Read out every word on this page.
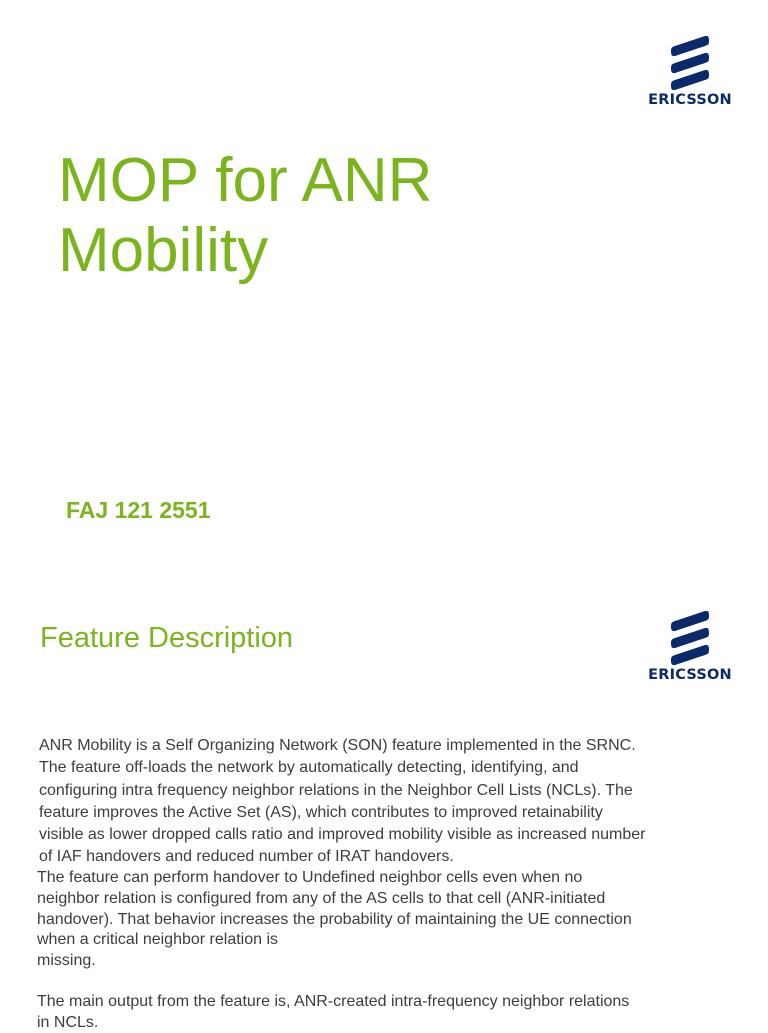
ERICSSON
MOP for ANR
Mobility
FAJ 121 2551
Feature Description
ERICSSON

ANR Mobility is a Self Organizing Network (SON) feature implemented in the SRNC.
The feature off-loads the network by automatically detecting, identifying, and
configuring intra frequency neighbor relations in the Neighbor Cell Lists (NCLs). The
feature improves the Active Set (AS), which contributes to improved retainability
visible as lower dropped calls ratio and improved mobility visible as increased number
of IAF handovers and reduced number of IRAT handovers.

The feature can perform handover to Undefined neighbor cells even when no
neighbor relation is configured from any of the AS cells to that cell (ANR-initiated
handover). That behavior increases the probability of maintaining the UE connection
when a critical neighbor relation is
missing.

The main output from the feature is, ANR-created intra-frequency neighbor relations
in NCLs.
